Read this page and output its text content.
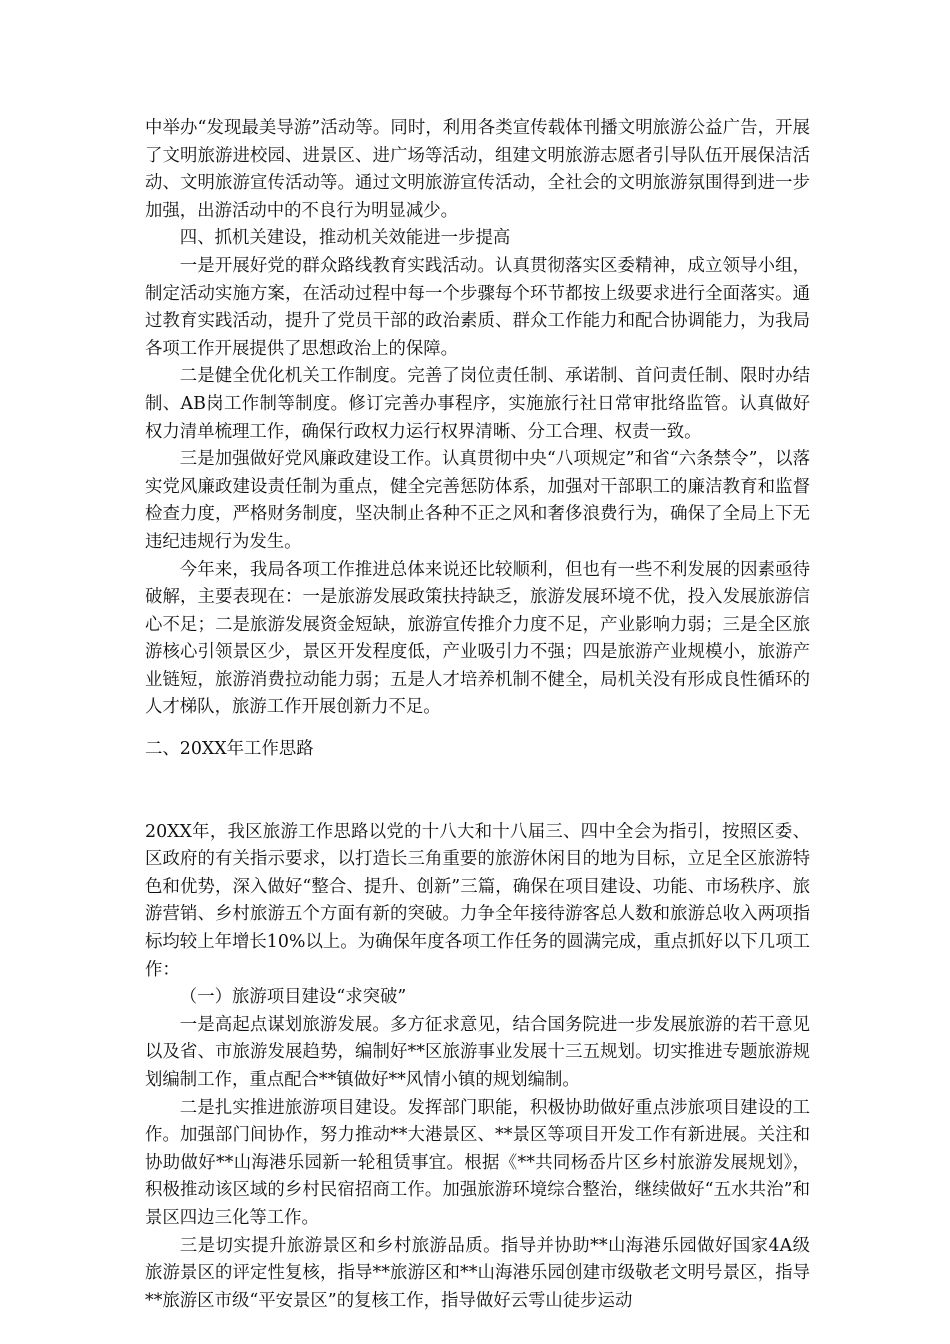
中举办“发现最美导游”活动等。同时，利用各类宣传载体刊播文明旅游公益广告，开展了文明旅游进校园、进景区、进广场等活动，组建文明旅游志愿者引导队伍开展保洁活动、文明旅游宣传活动等。通过文明旅游宣传活动，全社会的文明旅游氛围得到进一步加强，出游活动中的不良行为明显减少。

四、抓机关建设，推动机关效能进一步提高

一是开展好党的群众路线教育实践活动。认真贯彻落实区委精神，成立领导小组，制定活动实施方案，在活动过程中每一个步骤每个环节都按上级要求进行全面落实。通过教育实践活动，提升了党员干部的政治素质、群众工作能力和配合协调能力，为我局各项工作开展提供了思想政治上的保障。

二是健全优化机关工作制度。完善了岗位责任制、承诺制、首问责任制、限时办结制、AB岗工作制等制度。修订完善办事程序，实施旅行社日常审批络监管。认真做好权力清单梳理工作，确保行政权力运行权界清晰、分工合理、权责一致。

三是加强做好党风廉政建设工作。认真贯彻中央“八项规定”和省“六条禁令”，以落实党风廉政建设责任制为重点，健全完善惩防体系，加强对干部职工的廉洁教育和监督检查力度，严格财务制度，坚决制止各种不正之风和奢侈浪费行为，确保了全局上下无违纪违规行为发生。

今年来，我局各项工作推进总体来说还比较顺利，但也有一些不利发展的因素亟待破解，主要表现在：一是旅游发展政策扶持缺乏，旅游发展环境不优，投入发展旅游信心不足；二是旅游发展资金短缺，旅游宣传推介力度不足，产业影响力弱；三是全区旅游核心引领景区少，景区开发程度低，产业吸引力不强；四是旅游产业规模小，旅游产业链短，旅游消费拉动能力弱；五是人才培养机制不健全，局机关没有形成良性循环的人才梯队，旅游工作开展创新力不足。

二、20XX年工作思路

20XX年，我区旅游工作思路以党的十八大和十八届三、四中全会为指引，按照区委、区政府的有关指示要求，以打造长三角重要的旅游休闲目的地为目标，立足全区旅游特色和优势，深入做好“整合、提升、创新”三篇，确保在项目建设、功能、市场秩序、旅游营销、乡村旅游五个方面有新的突破。力争全年接待游客总人数和旅游总收入两项指标均较上年增长10%以上。为确保年度各项工作任务的圆满完成，重点抓好以下几项工作：

（一）旅游项目建设“求突破”

一是高起点谋划旅游发展。多方征求意见，结合国务院进一步发展旅游的若干意见以及省、市旅游发展趋势，编制好**区旅游事业发展十三五规划。切实推进专题旅游规划编制工作，重点配合**镇做好**风情小镇的规划编制。

二是扎实推进旅游项目建设。发挥部门职能，积极协助做好重点涉旅项目建设的工作。加强部门间协作，努力推动**大港景区、**景区等项目开发工作有新进展。关注和协助做好**山海港乐园新一轮租赁事宜。根据《**共同杨岙片区乡村旅游发展规划》，积极推动该区域的乡村民宿招商工作。加强旅游环境综合整治，继续做好“五水共治”和景区四边三化等工作。

三是切实提升旅游景区和乡村旅游品质。指导并协助**山海港乐园做好国家4A级旅游景区的评定性复核，指导**旅游区和**山海港乐园创建市级敬老文明号景区，指导**旅游区市级“平安景区”的复核工作，指导做好云雩山徒步运动
